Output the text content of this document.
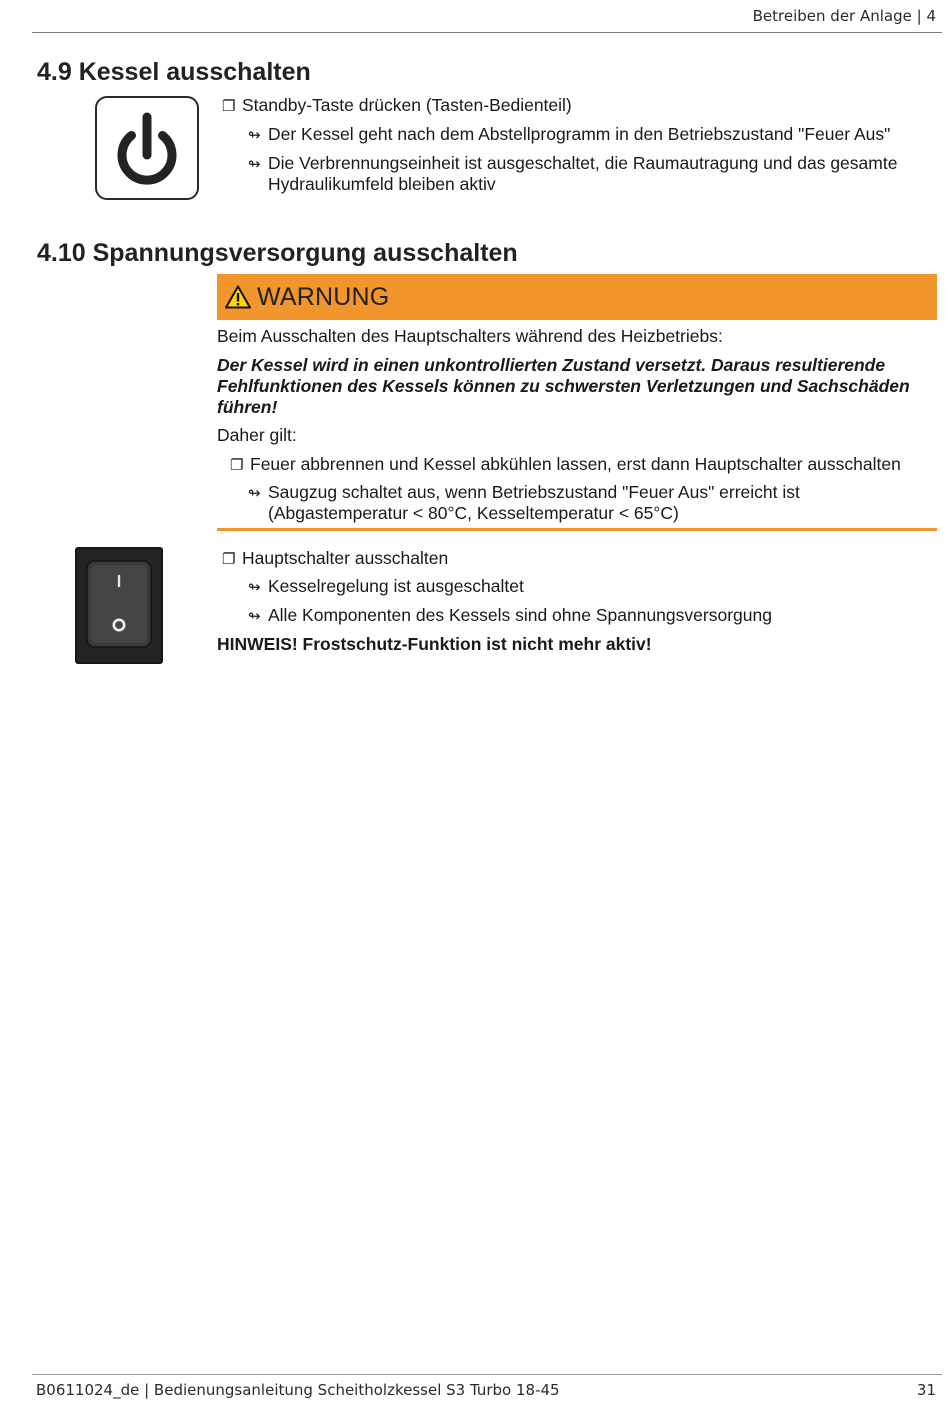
Betreiben der Anlage | 4
4.9 Kessel ausschalten
❐ Standby-Taste drücken (Tasten-Bedienteil)
↬ Der Kessel geht nach dem Abstellprogramm in den Betriebszustand "Feuer Aus"
↬ Die Verbrennungseinheit ist ausgeschaltet, die Raumautragung und das gesamte
Hydraulikumfeld bleiben aktiv
4.10 Spannungsversorgung ausschalten
WARNUNG
Beim Ausschalten des Hauptschalters während des Heizbetriebs:
Der Kessel wird in einen unkontrollierten Zustand versetzt. Daraus resultierende
Fehlfunktionen des Kessels können zu schwersten Verletzungen und Sachschäden
führen!
Daher gilt:
❐ Feuer abbrennen und Kessel abkühlen lassen, erst dann Hauptschalter ausschalten
↬ Saugzug schaltet aus, wenn Betriebszustand "Feuer Aus" erreicht ist
(Abgastemperatur < 80°C, Kesseltemperatur < 65°C)
❐ Hauptschalter ausschalten
↬ Kesselregelung ist ausgeschaltet
↬ Alle Komponenten des Kessels sind ohne Spannungsversorgung
HINWEIS! Frostschutz-Funktion ist nicht mehr aktiv!
B0611024_de | Bedienungsanleitung Scheitholzkessel S3 Turbo 18-45	31
